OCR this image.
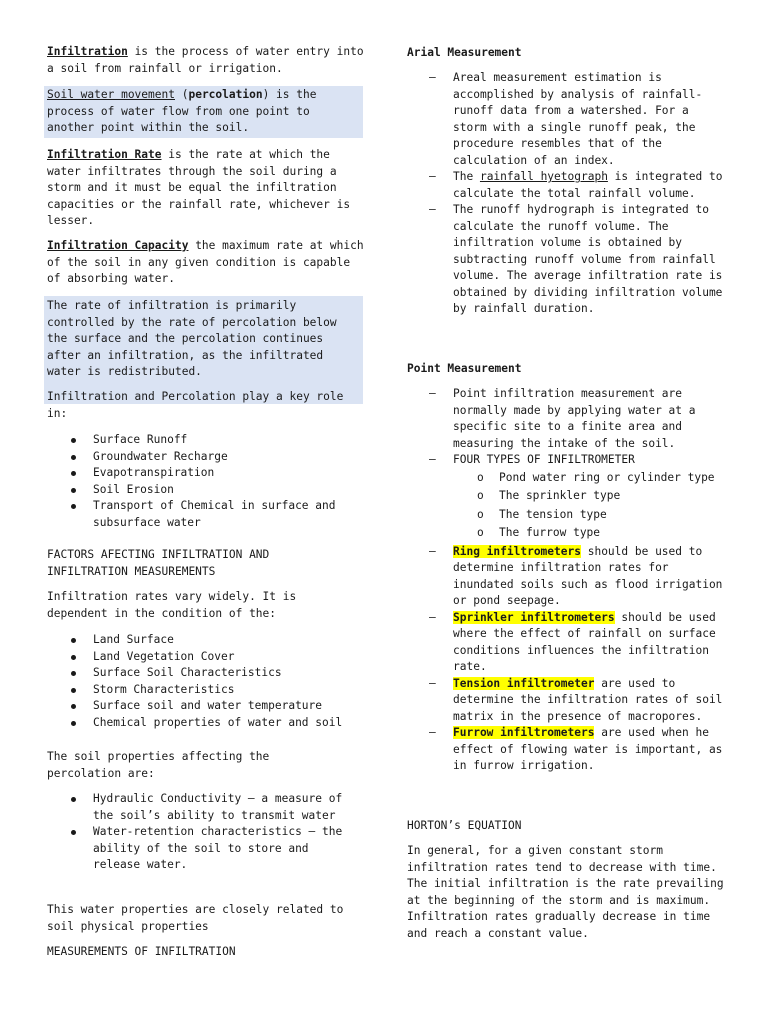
Infiltration is the process of water entry into a soil from rainfall or irrigation.

Soil water movement (percolation) is the process of water flow from one point to another point within the soil.

Infiltration Rate is the rate at which the water infiltrates through the soil during a storm and it must be equal the infiltration capacities or the rainfall rate, whichever is lesser.

Infiltration Capacity the maximum rate at which of the soil in any given condition is capable of absorbing water.

The rate of infiltration is primarily controlled by the rate of percolation below the surface and the percolation continues after an infiltration, as the infiltrated water is redistributed.

Infiltration and Percolation play a key role in:

Surface Runoff
Groundwater Recharge
Evapotranspiration
Soil Erosion
Transport of Chemical in surface and subsurface water

FACTORS AFECTING INFILTRATION AND INFILTRATION MEASUREMENTS

Infiltration rates vary widely. It is dependent in the condition of the:

Land Surface
Land Vegetation Cover
Surface Soil Characteristics
Storm Characteristics
Surface soil and water temperature
Chemical properties of water and soil

The soil properties affecting the percolation are:

Hydraulic Conductivity – a measure of the soil’s ability to transmit water
Water-retention characteristics – the ability of the soil to store and release water.

This water properties are closely related to soil physical properties

MEASUREMENTS OF INFILTRATION

Arial Measurement

– Areal measurement estimation is accomplished by analysis of rainfall-runoff data from a watershed. For a storm with a single runoff peak, the procedure resembles that of the calculation of an index.
– The rainfall hyetograph is integrated to calculate the total rainfall volume.
– The runoff hydrograph is integrated to calculate the runoff volume. The infiltration volume is obtained by subtracting runoff volume from rainfall volume. The average infiltration rate is obtained by dividing infiltration volume by rainfall duration.

Point Measurement

– Point infiltration measurement are normally made by applying water at a specific site to a finite area and measuring the intake of the soil.
– FOUR TYPES OF INFILTROMETER
o Pond water ring or cylinder type
o The sprinkler type
o The tension type
o The furrow type
– Ring infiltrometers should be used to determine infiltration rates for inundated soils such as flood irrigation or pond seepage.
– Sprinkler infiltrometers should be used where the effect of rainfall on surface conditions influences the infiltration rate.
– Tension infiltrometer are used to determine the infiltration rates of soil matrix in the presence of macropores.
– Furrow infiltrometers are used when he effect of flowing water is important, as in furrow irrigation.

HORTON’s EQUATION

In general, for a given constant storm infiltration rates tend to decrease with time. The initial infiltration is the rate prevailing at the beginning of the storm and is maximum. Infiltration rates gradually decrease in time and reach a constant value.
